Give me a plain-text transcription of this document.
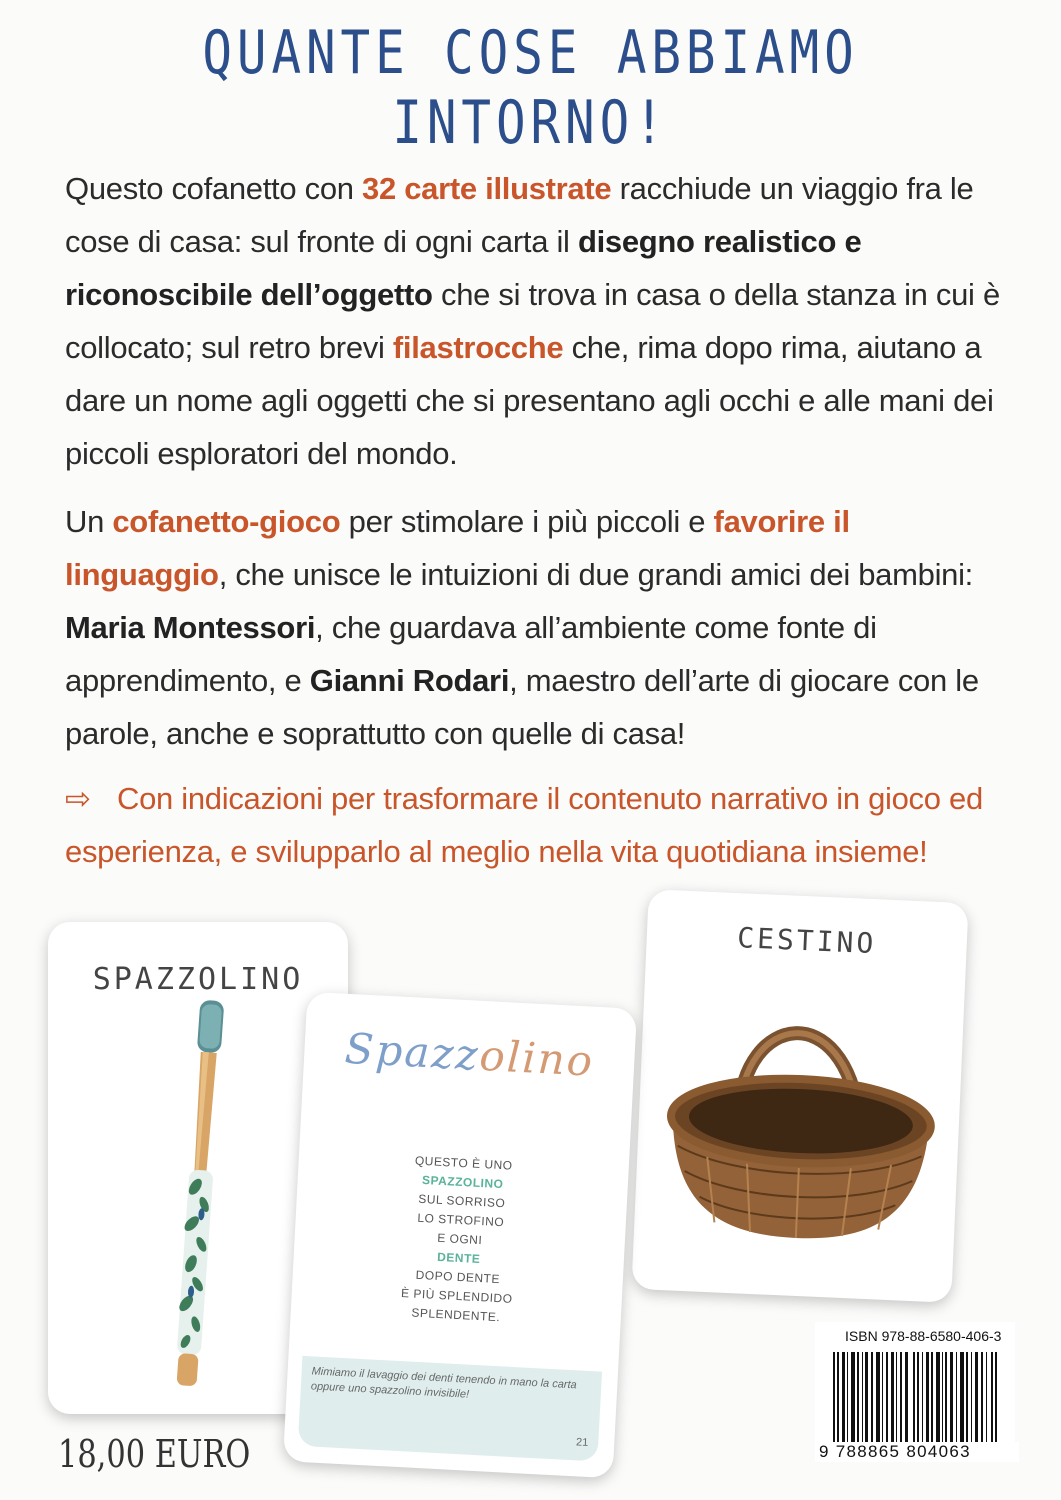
QUANTE COSE ABBIAMO INTORNO!
Questo cofanetto con 32 carte illustrate racchiude un viaggio fra le cose di casa: sul fronte di ogni carta il disegno realistico e riconoscibile dell’oggetto che si trova in casa o della stanza in cui è collocato; sul retro brevi filastrocche che, rima dopo rima, aiutano a dare un nome agli oggetti che si presentano agli occhi e alle mani dei piccoli esploratori del mondo.
Un cofanetto-gioco per stimolare i più piccoli e favorire il linguaggio, che unisce le intuizioni di due grandi amici dei bambini: Maria Montessori, che guardava all’ambiente come fonte di apprendimento, e Gianni Rodari, maestro dell’arte di giocare con le parole, anche e soprattutto con quelle di casa!
⇨ Con indicazioni per trasformare il contenuto narrativo in gioco ed esperienza, e svilupparlo al meglio nella vita quotidiana insieme!
SPAZZOLINO
CESTINO
Spazzolino
QUESTO È UNO
SPAZZOLINO
SUL SORRISO
LO STROFINO
E OGNI
DENTE
DOPO DENTE
È PIÙ SPLENDIDO
SPLENDENTE.
Mimiamo il lavaggio dei denti tenendo in mano la carta oppure uno spazzolino invisibile!
21
18,00 EURO
ISBN 978-88-6580-406-3
9 788865 804063
